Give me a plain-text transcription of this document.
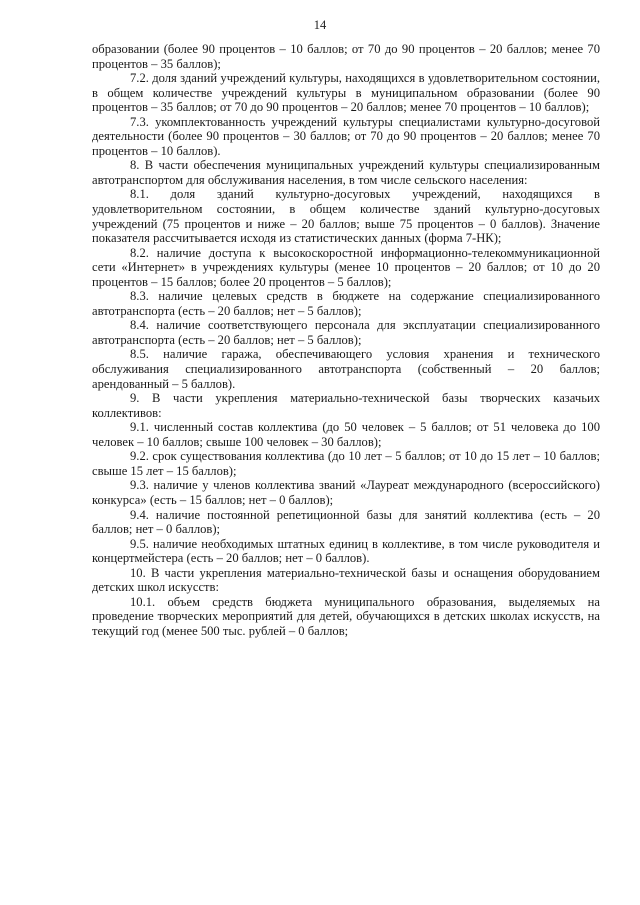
14

образовании (более 90 процентов – 10 баллов; от 70 до 90 процентов – 20 баллов; менее 70 процентов – 35 баллов);

7.2. доля зданий учреждений культуры, находящихся в удовлетворительном состоянии, в общем количестве учреждений культуры в муниципальном образовании (более 90 процентов – 35 баллов; от 70 до 90 процентов – 20 баллов; менее 70 процентов – 10 баллов);

7.3. укомплектованность учреждений культуры специалистами культурно-досуговой деятельности (более 90 процентов – 30 баллов; от 70 до 90 процентов – 20 баллов; менее 70 процентов – 10 баллов).

8. В части обеспечения муниципальных учреждений культуры специализированным автотранспортом для обслуживания населения, в том числе сельского населения:

8.1. доля зданий культурно-досуговых учреждений, находящихся в удовлетворительном состоянии, в общем количестве зданий культурно-досуговых учреждений (75 процентов и ниже – 20 баллов; выше 75 процентов – 0 баллов). Значение показателя рассчитывается исходя из статистических данных (форма 7-НК);

8.2. наличие доступа к высокоскоростной информационно-телекоммуникационной сети «Интернет» в учреждениях культуры (менее 10 процентов – 20 баллов; от 10 до 20 процентов – 15 баллов; более 20 процентов – 5 баллов);

8.3. наличие целевых средств в бюджете на содержание специализированного автотранспорта (есть – 20 баллов; нет – 5 баллов);

8.4. наличие соответствующего персонала для эксплуатации специализированного автотранспорта (есть – 20 баллов; нет – 5 баллов);

8.5. наличие гаража, обеспечивающего условия хранения и технического обслуживания специализированного автотранспорта (собственный – 20 баллов; арендованный – 5 баллов).

9. В части укрепления материально-технической базы творческих казачьих коллективов:

9.1. численный состав коллектива (до 50 человек – 5 баллов; от 51 человека до 100 человек – 10 баллов; свыше 100 человек – 30 баллов);

9.2. срок существования коллектива (до 10 лет – 5 баллов; от 10 до 15 лет – 10 баллов; свыше 15 лет – 15 баллов);

9.3. наличие у членов коллектива званий «Лауреат международного (всероссийского) конкурса» (есть – 15 баллов; нет – 0 баллов);

9.4. наличие постоянной репетиционной базы для занятий коллектива (есть – 20 баллов; нет – 0 баллов);

9.5. наличие необходимых штатных единиц в коллективе, в том числе руководителя и концертмейстера (есть – 20 баллов; нет – 0 баллов).

10. В части укрепления материально-технической базы и оснащения оборудованием детских школ искусств:

10.1. объем средств бюджета муниципального образования, выделяемых на проведение творческих мероприятий для детей, обучающихся в детских школах искусств, на текущий год (менее 500 тыс. рублей – 0 баллов;
